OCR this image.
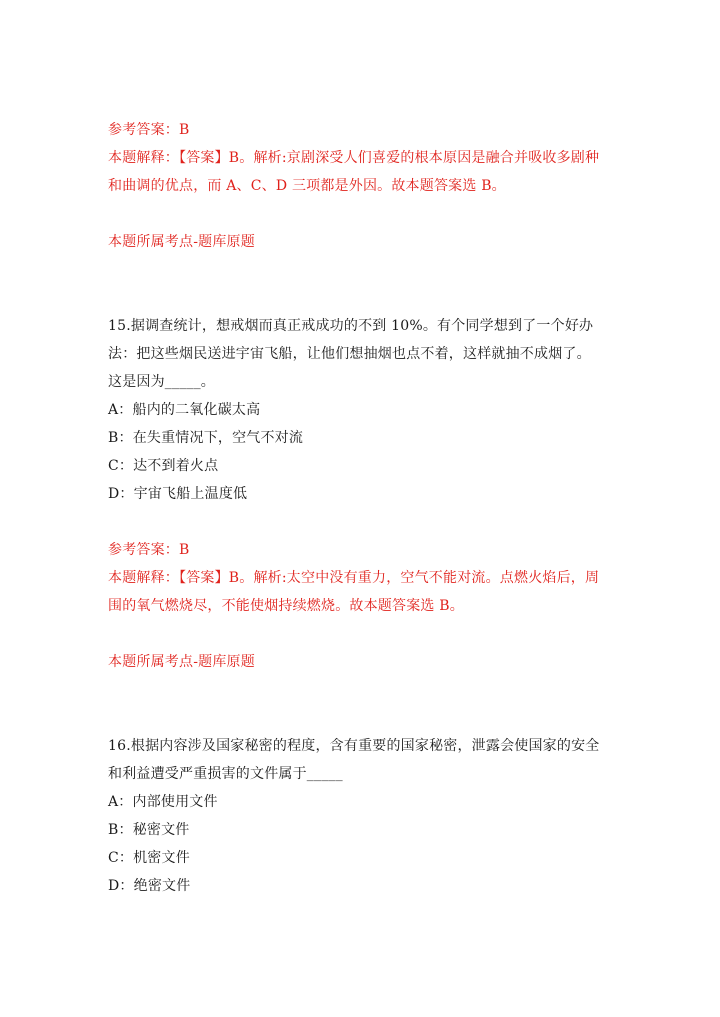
参考答案：B
本题解释：【答案】B。解析:京剧深受人们喜爱的根本原因是融合并吸收多剧种
和曲调的优点，而 A、C、D 三项都是外因。故本题答案选 B。
本题所属考点-题库原题
15.据调查统计，想戒烟而真正戒成功的不到 10%。有个同学想到了一个好办
法：把这些烟民送进宇宙飞船，让他们想抽烟也点不着，这样就抽不成烟了。
这是因为_____。
A：船内的二氧化碳太高
B：在失重情况下，空气不对流
C：达不到着火点
D：宇宙飞船上温度低
参考答案：B
本题解释：【答案】B。解析:太空中没有重力，空气不能对流。点燃火焰后，周
围的氧气燃烧尽，不能使烟持续燃烧。故本题答案选 B。
本题所属考点-题库原题
16.根据内容涉及国家秘密的程度，含有重要的国家秘密，泄露会使国家的安全
和利益遭受严重损害的文件属于_____
A：内部使用文件
B：秘密文件
C：机密文件
D：绝密文件
